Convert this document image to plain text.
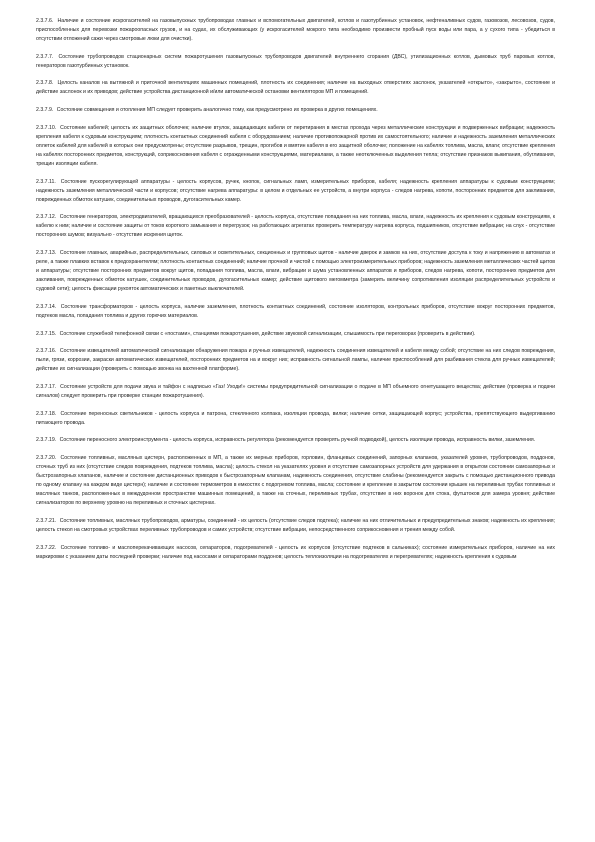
2.3.7.6. Наличие и состояние искрогасителей на газовыпускных трубопроводах главных и вспомогательных двигателей, котлов и газотурбинных установок, нефтеналивных судов, газовозов, лесовозов, судов, приспособленных для перевозки пожароопасных грузов, и на судах, их обслуживающих (у искрогасителей мокрого типа необходимо произвести пробный пуск воды или пара, а у сухого типа - убедиться в отсутствии отложений сажи через смотровые люки для очистки).

2.3.7.7. Состояние трубопроводов стационарных систем пожаротушения газовыпускных трубопроводов двигателей внутреннего сгорания (ДВС), утилизационных котлов, дымовых труб паровых котлов, генераторов газотурбинных установок.

2.3.7.8. Целость каналов на вытяжной и приточной вентиляциях машинных помещений, плотность их соединения; наличие на выходных отверстиях заслонок, указателей «открыто», «закрыто», состояние и действие заслонок и их приводов; действие устройства дистанционной и/или автоматической остановки вентиляторов МП и помещений.

2.3.7.9. Состояние совмещения и отопления МП следует проверить аналогично тому, как предусмотрено их проверка в других помещениях.

2.3.7.10. Состояние кабелей; целость их защитных оболочек; наличие втулок, защищающих кабели от перетирания в местах прохода через металлические конструкции и подверженных вибрации; надежность крепления кабеля к судовым конструкциям; плотность контактных соединений кабеля с оборудованием; наличие противопожарной против их самостоятельного; наличие и надежность заземления металлических оплеток кабелей для кабелей в которых они предусмотрены; отсутствие разрывов, трещин, прогибов и вмятин кабеля в его защитной оболочке; положение на кабелях топлива, масла, влаги; отсутствие крепления на кабелях посторонних предметов, конструкций, соприкосновения кабеля с огражденными конструкциями, материалами, а также неотключенных выделения тепла; отсутствие признаков выкипания, обугливания, трещин изоляции кабеля.

2.3.7.11. Состояние пускорегулирующей аппаратуры - целость корпусов, ручек, кнопок, сигнальных ламп, измерительных приборов, кабеля; надежность крепления аппаратуры к судовым конструкциям; надежность заземления металлической части и корпусов; отсутствие нагрева аппаратуры: в целом и отдельных ее устройств, а внутри корпуса - следов нагрева, копоти, посторонних предметов для закливания, поврежденных обмоток катушек, соединительных проводов, дугогасительных камер.

2.3.7.12. Состояние генераторов, электродвигателей, вращающихся преобразователей - целость корпуса, отсутствие попадания на них топлива, масла, влаги, надежность их крепления к судовым конструкциям, к кабелю к ним; наличие и состояние защиты от токов короткого замыкания и перегрузок; на работающих агрегатах проверить температуру нагрева корпуса, подшипников, отсутствие вибрации; на слух - отсутствие посторонних шумов; визуально - отсутствие искрения щеток.

2.3.7.13. Состояние главных, аварийных, распределительных, силовых и осветительных, секционных и групповых щитов - наличие дверок и замков на них, отсутствие доступа к току и напряжению в автоматах и реле, а также плавких вставок к предохранителям; плотность контактных соединений; наличие прочной и чистой с помощью электроизмерительных приборов; надежность заземления металлических частей щитов и аппаратуры; отсутствие посторонних предметов вокруг щитов, попадания топлива, масла, влаги, вибрации и шума установленных аппаратов и приборов, следов нагрева, копоти, посторонних предметов для закливания, поврежденных обмоток катушек, соединительных проводов, дугогасительных камер; действие щитового мегомметра (замерить величину сопротивления изоляции распределительных устройств и судовой сети); целость фиксации рукояток автоматических и пакетных выключателей.

2.3.7.14. Состояние трансформаторов - целость корпуса, наличие заземления, плотность контактных соединений, состояние изоляторов, контрольных приборов, отсутствие вокруг посторонних предметов, подтеков масла, попадания топлива и других горючих материалов.

2.3.7.15. Состояние служебной телефонной связи с «постами», станциями пожаротушения, действие звуковой сигнализации, слышимость при переговорах (проверить в действии).

2.3.7.16. Состояние извещателей автоматической сигнализации обнаружения пожара и ручных извещателей, надежность соединения извещателей и кабеля между собой; отсутствие на них следов повреждения, пыли, грязи, коррозии, закраски автоматических извещателей, посторонних предметов на и вокруг них; исправность сигнальной лампы, наличие приспособлений для разбивания стекла для ручных извещателей; действие их сигнализации (проверить с помощью звонка на вахтенной платформе).

2.3.7.17. Состояние устройств для подачи звука и тайфон с надписью «Газ! Уходи!» системы предупредительной сигнализации о подаче в МП объемного огнетушащего вещества; действие (проверка и подачи сигналов) следует проверить при проверке станции пожаротушения).

2.3.7.18. Состояние переносных светильников - целость корпуса и патрона, стеклянного колпака, изоляции провода, вилки; наличие сетки, защищающей корпус; устройства, препятствующего выдергиванию питающего провода.

2.3.7.19. Состояние переносного электроинструмента - целость корпуса, исправность регулятора (рекомендуется проверять ручной подводкой), целость изоляции провода, исправность вилки, заземления.

2.3.7.20. Состояние топливных, масляных цистерн, расположенных в МП, а также их мерных приборов, горловин, фланцевых соединений, запорных клапанов, указателей уровня, трубопроводов, поддонов, сточных труб из них (отсутствие следов повреждения, подтеков топлива, масла); целость стекол на указателях уровня и отсутствие самозапорных устройств для удержания в открытом состоянии самозапорных и быстрозапорных клапанов, наличие и состояние дистанционных приводов к быстрозапорным клапанам, надежность соединения, отсутствие слабины (рекомендуется закрыть с помощью дистанционного привода по одному клапану на каждом виде цистерн); наличие и состояние термометров в емкостях с подогревом топлива, масла; состояние и крепление в закрытом состоянии крышек на переливных трубах топливных и масляных танков, расположенных в междудонном пространстве машинных помещений, а также на сточных, переливных трубах, отсутствие в них воронок для стока, футштоков для замера уровня; действие сигнализаторов по верхнему уровню на переливных и сточных цистернах.

2.3.7.21. Состояние топливных, масляных трубопроводов, арматуры, соединений - их целость (отсутствие следов подтека); наличие на них отличительных и предупредительных знаков; надежность их крепления; целость стекол на смотровых устройствах переливных трубопроводов и самих устройств; отсутствие вибрации, непосредственного соприкосновения и трения между собой.

2.3.7.22. Состояние топливо- и маслоперекачивающих насосов, сепараторов, подогревателей - целость их корпусов (отсутствие подтеков в сальниках); состояние измерительных приборов, наличие на них маркировки с указанием даты последней проверки; наличие под насосами и сепараторами поддонов; целость теплоизоляции на подогревателях и перегревателях; надежность крепления к судовым
